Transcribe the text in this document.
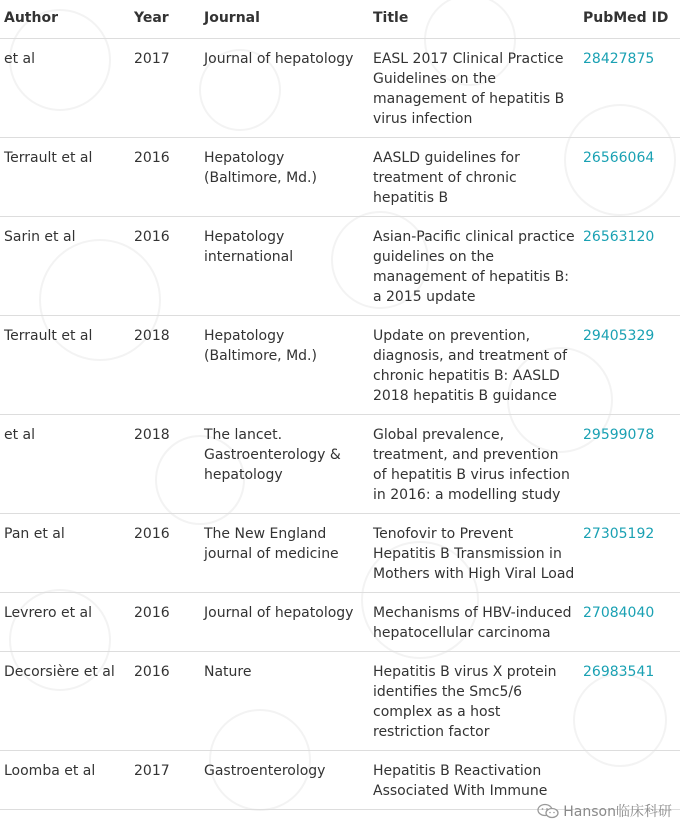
Author	Year	Journal	Title	PubMed ID
et al	2017	Journal of hepatology	EASL 2017 Clinical Practice Guidelines on the management of hepatitis B virus infection	28427875
Terrault et al	2016	Hepatology (Baltimore, Md.)	AASLD guidelines for treatment of chronic hepatitis B	26566064
Sarin et al	2016	Hepatology international	Asian-Pacific clinical practice guidelines on the management of hepatitis B: a 2015 update	26563120
Terrault et al	2018	Hepatology (Baltimore, Md.)	Update on prevention, diagnosis, and treatment of chronic hepatitis B: AASLD 2018 hepatitis B guidance	29405329
et al	2018	The lancet. Gastroenterology & hepatology	Global prevalence, treatment, and prevention of hepatitis B virus infection in 2016: a modelling study	29599078
Pan et al	2016	The New England journal of medicine	Tenofovir to Prevent Hepatitis B Transmission in Mothers with High Viral Load	27305192
Levrero et al	2016	Journal of hepatology	Mechanisms of HBV-induced hepatocellular carcinoma	27084040
Decorsière et al	2016	Nature	Hepatitis B virus X protein identifies the Smc5/6 complex as a host restriction factor	26983541
Loomba et al	2017	Gastroenterology	Hepatitis B Reactivation Associated With Immune	
Hanson临床科研
